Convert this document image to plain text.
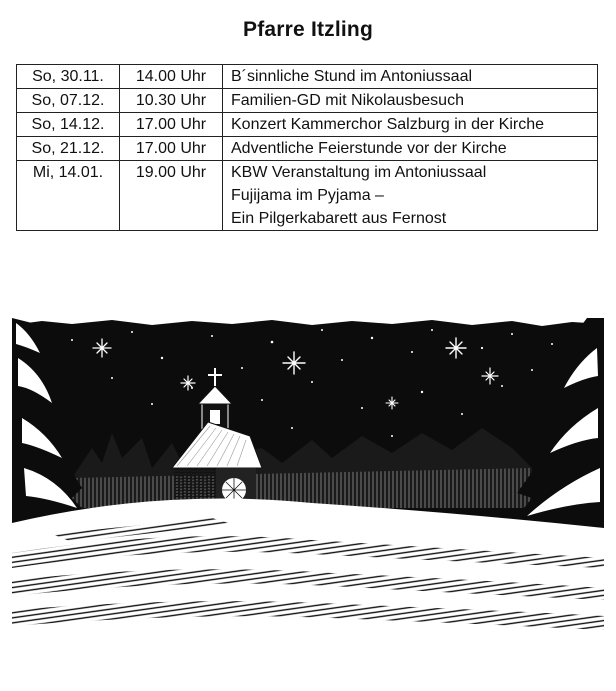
Pfarre Itzling
So, 30.11.	14.00 Uhr	B´sinnliche Stund im Antoniussaal

So, 07.12.	10.30 Uhr	Familien-GD mit Nikolausbesuch

So, 14.12.	17.00 Uhr	Konzert Kammerchor Salzburg in der Kirche

So, 21.12.	17.00 Uhr	Adventliche Feierstunde vor der Kirche

Mi, 14.01.	19.00 Uhr	KBW Veranstaltung im Antoniussaal
Fujijama im Pyjama –
Ein Pilgerkabarett aus Fernost
